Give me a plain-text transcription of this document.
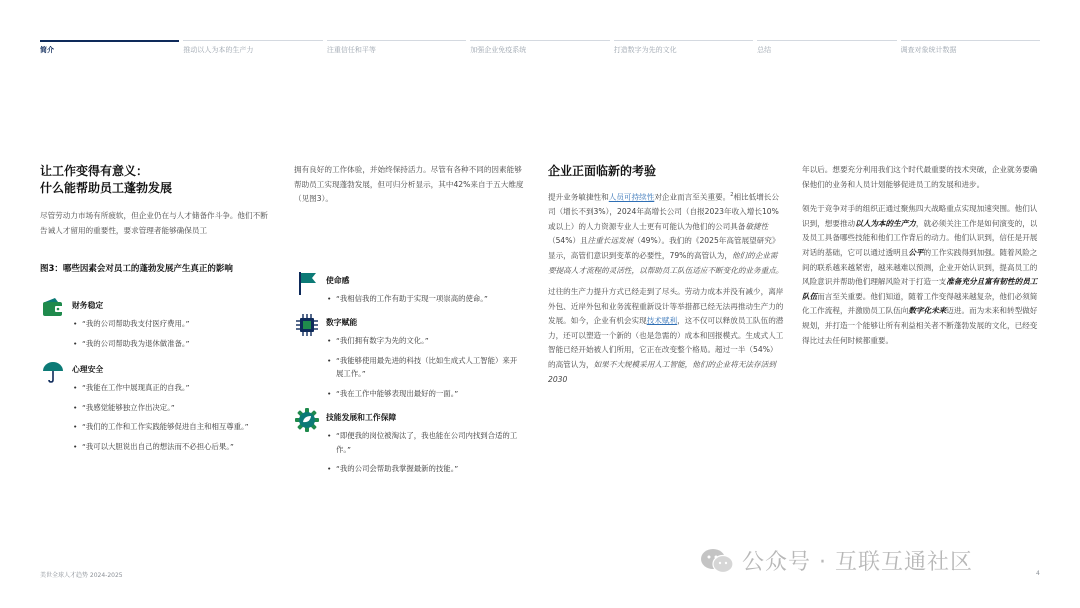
简介	推动以人为本的生产力	注重信任和平等	加强企业免疫系统	打造数字为先的文化	总结	调查对象统计数据
让工作变得有意义：
什么能帮助员工蓬勃发展

尽管劳动力市场有所疲软，但企业仍在与人才储备作斗争。他们不断告诫人才留用的重要性，要求管理者能够确保员工

图3：哪些因素会对员工的蓬勃发展产生真正的影响
财务稳定
• “我的公司帮助我支付医疗费用。”
• “我的公司帮助我为退休做准备。”
心理安全
• “我能在工作中展现真正的自我。”
• “我感觉能够独立作出决定。”
• “我们的工作和工作实践能够促进自主和相互尊重。”
• “我可以大胆说出自己的想法而不必担心后果。”

拥有良好的工作体验，并始终保持活力。尽管有各种不同的因素能够帮助员工实现蓬勃发展，但可归分析显示，其中42%来自于五大维度（见图3）。

使命感
• “我相信我的工作有助于实现一项崇高的使命。”
数字赋能
• “我们拥有数字为先的文化。”
• “我能够使用最先进的科技（比如生成式人工智能）来开展工作。”
• “我在工作中能够表现出最好的一面。”
技能发展和工作保障
• “即便我的岗位被淘汰了，我也能在公司内找到合适的工作。”
• “我的公司会帮助我掌握最新的技能。”
企业正面临新的考验

提升业务敏捷性和人员可持续性对企业而言至关重要。$^2$相比低增长公司（增长不到3%），2024年高增长公司（自报2023年收入增长10%或以上）的人力资源专业人士更有可能认为他们的公司具备敏捷性（54%）且注重长远发展（49%）。我们的《2025年高管展望研究》显示，高管们意识到变革的必要性，79%的高管认为，他们的企业需要提高人才流程的灵活性，以帮助员工队伍适应不断变化的业务重点。

过往的生产力提升方式已经走到了尽头。劳动力成本并没有减少，离岸外包、近岸外包和业务流程重新设计等举措都已经无法再推动生产力的发展。如今，企业有机会实现技术赋利，这不仅可以释放员工队伍的潜力，还可以塑造一个新的（也是急需的）成本和回报模式。生成式人工智能已经开始被人们所用，它正在改变整个格局。超过一半（54%）的高管认为，如果不大规模采用人工智能，他们的企业将无法存活到2030

年以后。想要充分利用我们这个时代最重要的技术突破，企业就务要确保他们的业务和人员计划能够促进员工的发展和进步。

领先于竞争对手的组织正通过聚焦四大战略重点实现加速突围。他们认识到，想要推动以人为本的生产力，就必须关注工作是如何演变的，以及员工具备哪些技能和他们工作背后的动力。他们认识到，信任是开展对话的基础，它可以通过透明且公平的工作实践得到加强。随着风险之间的联系越来越紧密，越来越难以预测，企业开始认识到，提高员工的风险意识并帮助他们理解风险对于打造一支准备充分且富有韧性的员工队伍而言至关重要。他们知道，随着工作变得越来越复杂，他们必须简化工作流程，并激励员工队伍向数字化未来迈进。而为未来和转型做好规划，并打造一个能够让所有利益相关者不断蓬勃发展的文化，已经变得比过去任何时候都重要。

美世全球人才趋势 2024-2025
公众号 · 互联互通社区	4
